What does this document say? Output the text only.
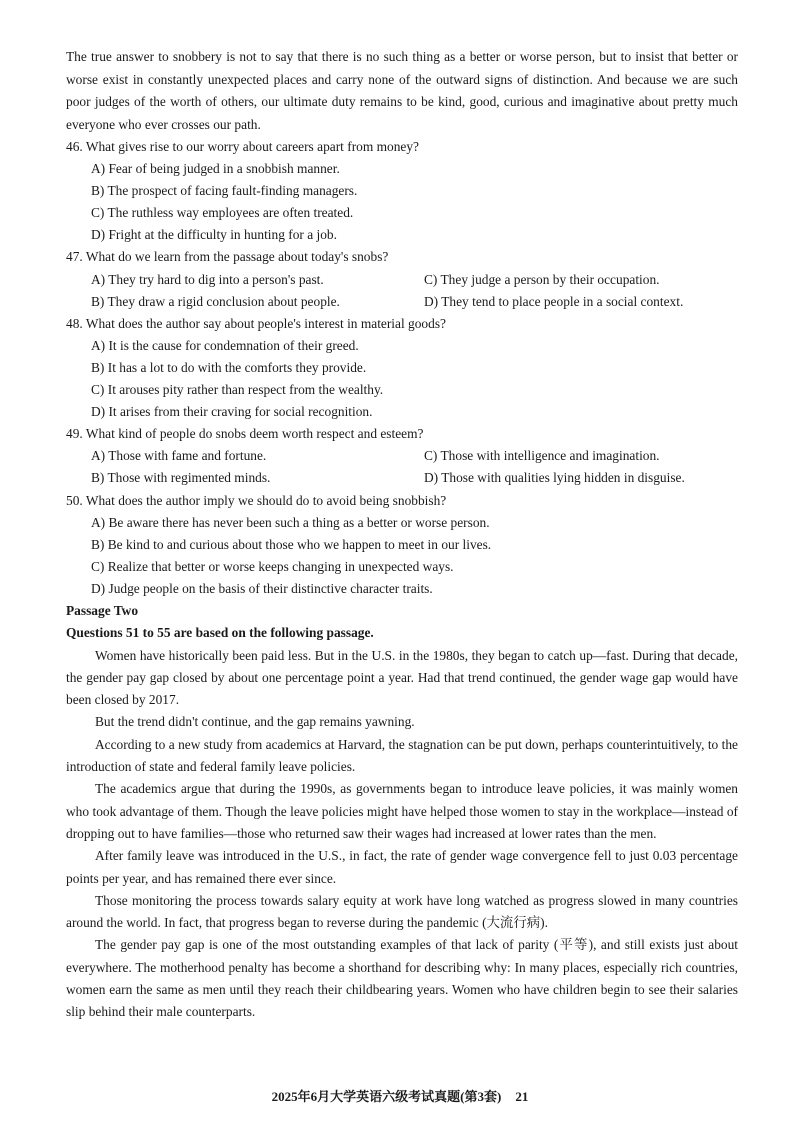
The true answer to snobbery is not to say that there is no such thing as a better or worse person, but to insist that better or worse exist in constantly unexpected places and carry none of the outward signs of distinction. And because we are such poor judges of the worth of others, our ultimate duty remains to be kind, good, curious and imaginative about pretty much everyone who ever crosses our path.

46. What gives rise to our worry about careers apart from money?

A) Fear of being judged in a snobbish manner.

B) The prospect of facing fault-finding managers.

C) The ruthless way employees are often treated.

D) Fright at the difficulty in hunting for a job.

47. What do we learn from the passage about today's snobs?

A) They try hard to dig into a person's past.	C) They judge a person by their occupation.
B) They draw a rigid conclusion about people.	D) They tend to place people in a social context.

48. What does the author say about people's interest in material goods?

A) It is the cause for condemnation of their greed.

B) It has a lot to do with the comforts they provide.

C) It arouses pity rather than respect from the wealthy.

D) It arises from their craving for social recognition.

49. What kind of people do snobs deem worth respect and esteem?

A) Those with fame and fortune.	C) Those with intelligence and imagination.
B) Those with regimented minds.	D) Those with qualities lying hidden in disguise.

50. What does the author imply we should do to avoid being snobbish?

A) Be aware there has never been such a thing as a better or worse person.

B) Be kind to and curious about those who we happen to meet in our lives.

C) Realize that better or worse keeps changing in unexpected ways.

D) Judge people on the basis of their distinctive character traits.

Passage Two

Questions 51 to 55 are based on the following passage.

Women have historically been paid less. But in the U.S. in the 1980s, they began to catch up—fast. During that decade, the gender pay gap closed by about one percentage point a year. Had that trend continued, the gender wage gap would have been closed by 2017.

But the trend didn't continue, and the gap remains yawning.

According to a new study from academics at Harvard, the stagnation can be put down, perhaps counterintuitively, to the introduction of state and federal family leave policies.

The academics argue that during the 1990s, as governments began to introduce leave policies, it was mainly women who took advantage of them. Though the leave policies might have helped those women to stay in the workplace—instead of dropping out to have families—those who returned saw their wages had increased at lower rates than the men.

After family leave was introduced in the U.S., in fact, the rate of gender wage convergence fell to just 0.03 percentage points per year, and has remained there ever since.

Those monitoring the process towards salary equity at work have long watched as progress slowed in many countries around the world. In fact, that progress began to reverse during the pandemic (大流行病).

The gender pay gap is one of the most outstanding examples of that lack of parity (平等), and still exists just about everywhere. The motherhood penalty has become a shorthand for describing why: In many places, especially rich countries, women earn the same as men until they reach their childbearing years. Women who have children begin to see their salaries slip behind their male counterparts.

2025年6月大学英语六级考试真题(第3套) 21
